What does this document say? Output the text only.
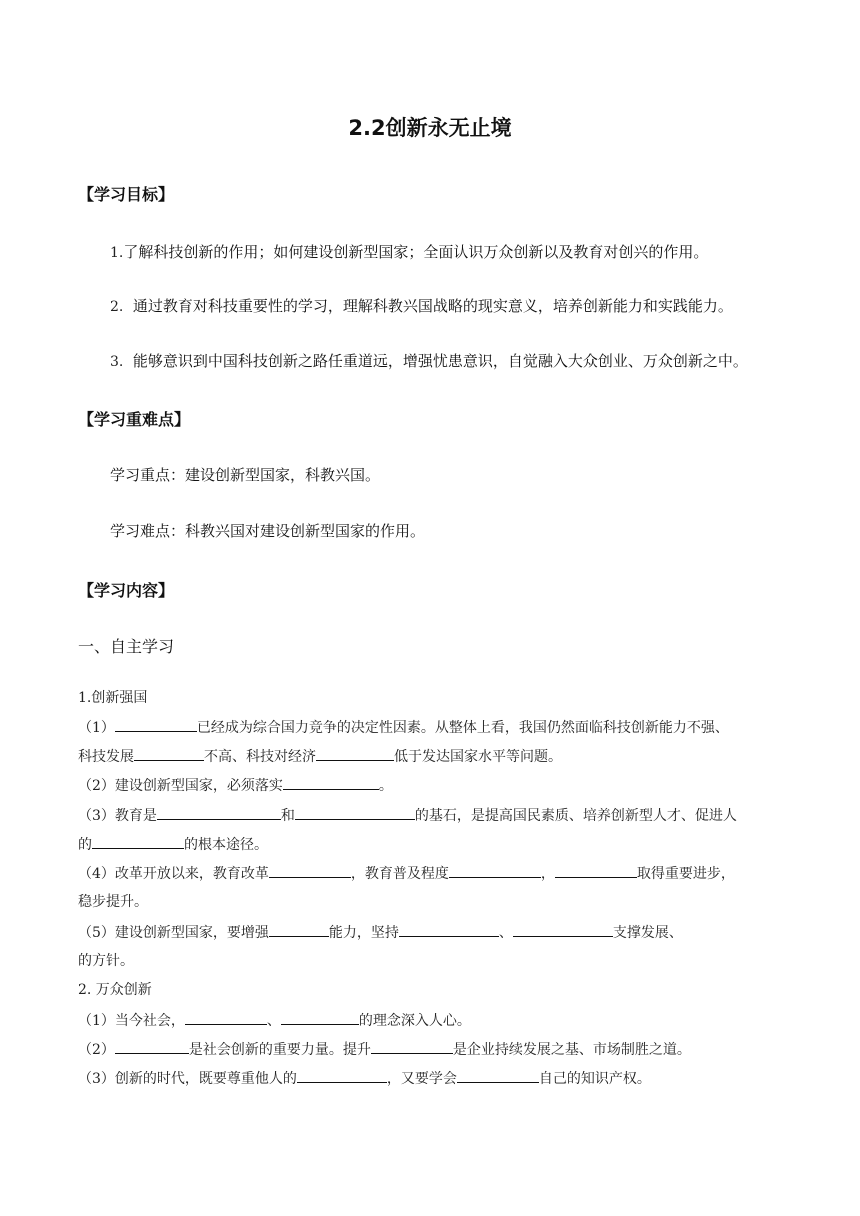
2.2创新永无止境
【学习目标】
1.了解科技创新的作用；如何建设创新型国家；全面认识万众创新以及教育对创兴的作用。
2. 通过教育对科技重要性的学习，理解科教兴国战略的现实意义，培养创新能力和实践能力。
3. 能够意识到中国科技创新之路任重道远，增强忧患意识，自觉融入大众创业、万众创新之中。
【学习重难点】
学习重点：建设创新型国家，科教兴国。
学习难点：科教兴国对建设创新型国家的作用。
【学习内容】
一、自主学习
1.创新强国
（1）	已经成为综合国力竞争的决定性因素。从整体上看，我国仍然面临科技创新能力不强、
科技发展	不高、科技对经济	低于发达国家水平等问题。
（2）建设创新型国家，必须落实	。
（3）教育是	和	的基石，是提高国民素质、培养创新型人才、促进人
的	的根本途径。
（4）改革开放以来，教育改革	，教育普及程度	，	取得重要进步，
稳步提升。
（5）建设创新型国家，要增强	能力，坚持	、	支撑发展、
的方针。
2. 万众创新
（1）当今社会，	、	的理念深入人心。
（2）	是社会创新的重要力量。提升	是企业持续发展之基、市场制胜之道。
（3）创新的时代，既要尊重他人的	，又要学会	自己的知识产权。
